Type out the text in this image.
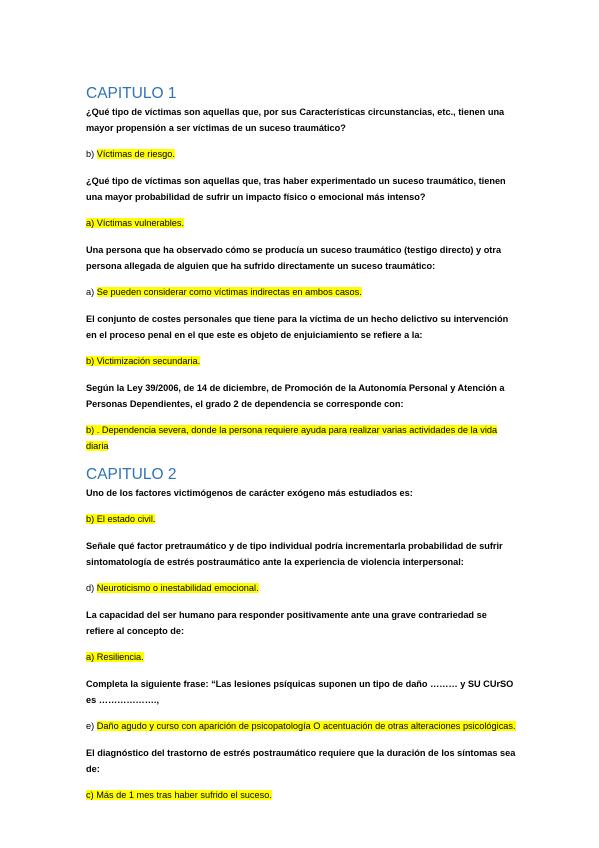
CAPITULO 1

¿Qué tipo de víctimas son aquellas que, por sus Características circunstancias, etc., tienen una mayor propensión a ser víctimas de un suceso traumático?

b) Víctimas de riesgo.

¿Qué tipo de víctimas son aquellas que, tras haber experimentado un suceso traumático, tienen una mayor probabilidad de sufrir un impacto físico o emocional más intenso?

a) Víctimas vulnerables.

Una persona que ha observado cómo se producía un suceso traumático (testigo directo) y otra persona allegada de alguien que ha sufrido directamente un suceso traumático:

a) Se pueden considerar como víctimas indirectas en ambos casos.

El conjunto de costes personales que tiene para la víctima de un hecho delictivo su intervención en el proceso penal en el que este es objeto de enjuiciamiento se refiere a la:

b) Victimización secundaria.

Según la Ley 39/2006, de 14 de diciembre, de Promoción de la Autonomía Personal y Atención a Personas Dependientes, el grado 2 de dependencia se corresponde con:

b) . Dependencia severa, donde la persona requiere ayuda para realizar varias actividades de la vida diaria

CAPITULO 2

Uno de los factores victimógenos de carácter exógeno más estudiados es:

b) El estado civil.

Señale qué factor pretraumático y de tipo individual podría incrementarla probabilidad de sufrir sintomatología de estrés postraumático ante la experiencia de violencia interpersonal:

d) Neuroticismo o inestabilidad emocional.

La capacidad del ser humano para responder positivamente ante una grave contrariedad se refiere al concepto de:

a) Resiliencia.

Completa la siguiente frase: “Las lesiones psíquicas suponen un tipo de daño ……… y SU CUrSO es ……………….,

e) Daño agudo y curso con aparición de psicopatología O acentuación de otras alteraciones psicológicas.

El diagnóstico del trastorno de estrés postraumático requiere que la duración de los síntomas sea de:

c) Más de 1 mes tras haber sufrido el suceso.
